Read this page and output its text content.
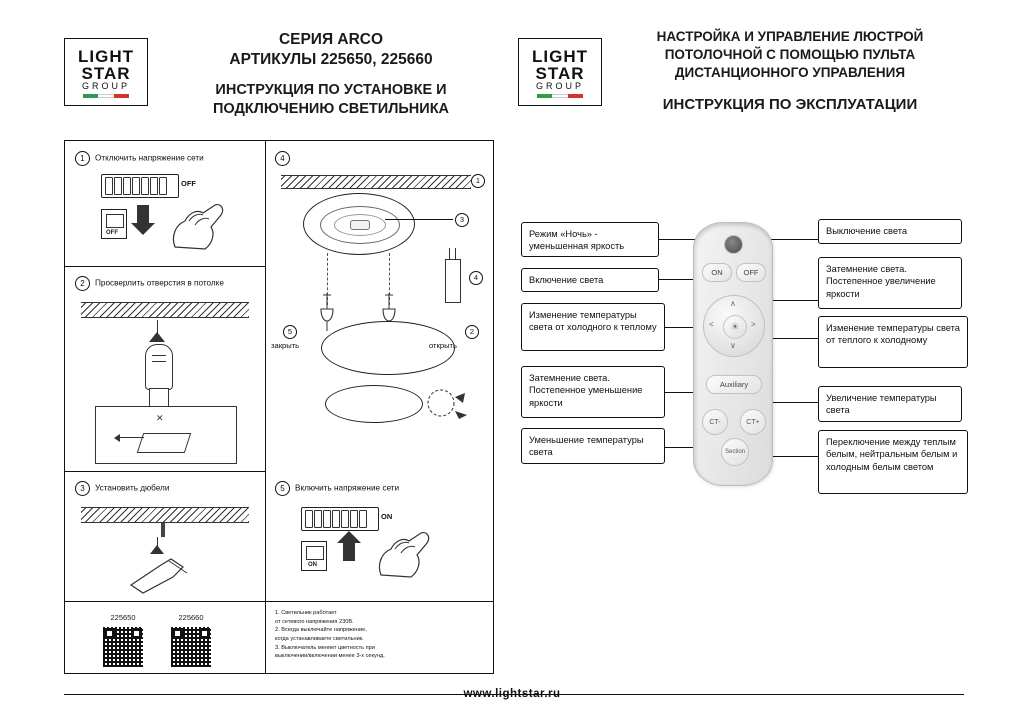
LIGHT
STAR
GROUP
СЕРИЯ ARCO
АРТИКУЛЫ 225650, 225660
ИНСТРУКЦИЯ ПО УСТАНОВКЕ И ПОДКЛЮЧЕНИЮ СВЕТИЛЬНИКА
LIGHT
STAR
GROUP
НАСТРОЙКА И УПРАВЛЕНИЕ ЛЮСТРОЙ ПОТОЛОЧНОЙ С ПОМОЩЬЮ ПУЛЬТА ДИСТАНЦИОННОГО УПРАВЛЕНИЯ
ИНСТРУКЦИЯ ПО ЭКСПЛУАТАЦИИ
1 Отключить напряжение сети
OFF
OFF
2 Просверлить отверстия в потолке
✕
3 Установить дюбели
4
1
3
4
5
закрыть	открыть
2
5 Включить напряжение сети
ON
ON
225650	225660	1. Светильник работает
от сетевого напряжения 230В.
2. Всегда выключайте напряжение,
когда устанавливаете светильник.
3. Выключатель меняет цветность при
выключении/включении менее 3-х секунд.
Режим «Ночь» - уменьшенная яркость
Включение света
Изменение температуры света от холодного к теплому
Затемнение света. Постепенное уменьшение яркости
Уменьшение температуры света
Выключение света
Затемнение света. Постепенное увеличение яркости
Изменение температуры света от теплого к холодному
Увеличение температуры света
Переключение между теплым белым, нейтральным белым и холодным белым светом
ON	OFF
∧
∨
<	>
☀
Auxiliary
CT-	CT+
Section
www.lightstar.ru
